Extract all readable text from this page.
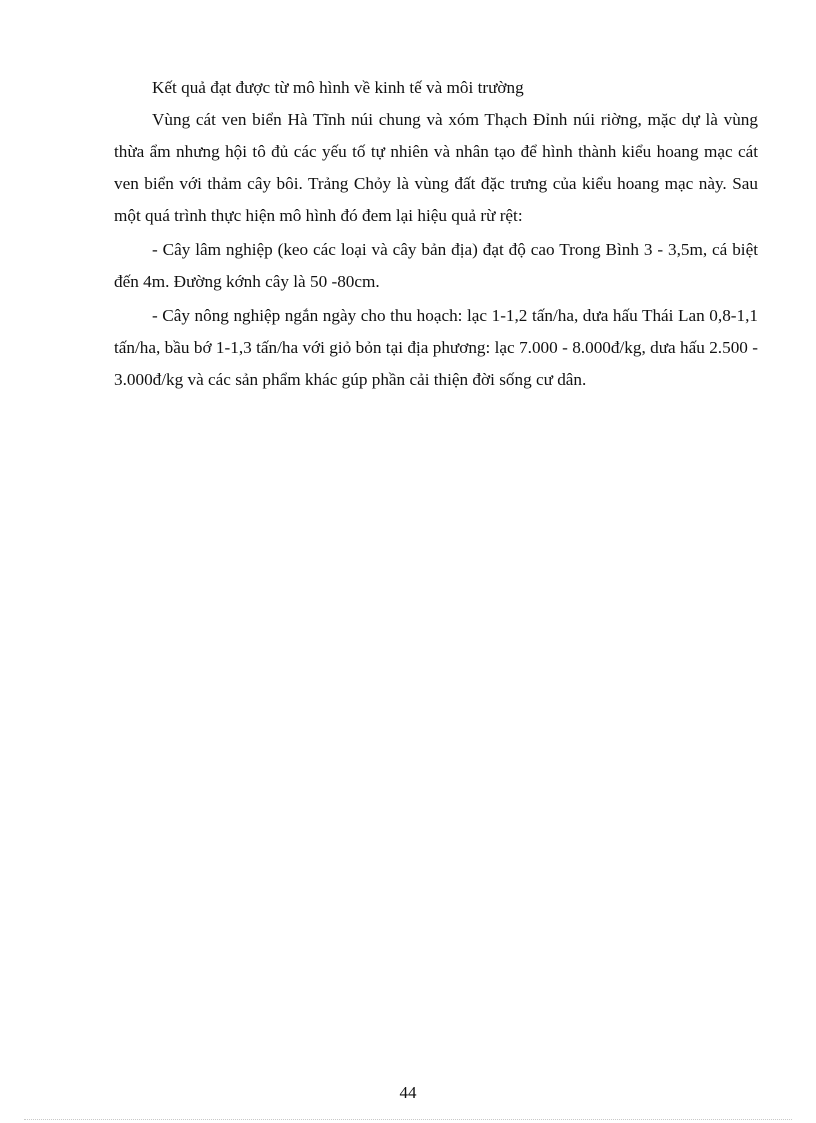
Kết quả đạt được từ mô hình về kinh tế và môi trường

Vùng cát ven biển Hà Tĩnh núi chung và xóm Thạch Đỉnh núi riờng, mặc dự là vùng thừa ẩm nhưng hội tô đủ các yếu tố tự nhiên và nhân tạo để hình thành kiểu hoang mạc cát ven biển với thảm cây bôi. Trảng Chỏy là vùng đất đặc trưng của kiểu hoang mạc này. Sau một quá trình thực hiện mô hình đó đem lại hiệu quả rừ rệt:

- Cây lâm nghiệp (keo các loại và cây bản địa) đạt độ cao Trong Bình 3 - 3,5m, cá biệt đến 4m. Đường kớnh cây là 50 -80cm.

- Cây nông nghiệp ngắn ngày cho thu hoạch: lạc 1-1,2 tấn/ha, dưa hấu Thái Lan 0,8-1,1 tấn/ha, bầu bớ 1-1,3 tấn/ha với giỏ bỏn tại địa phương: lạc 7.000 - 8.000đ/kg, dưa hấu 2.500 - 3.000đ/kg và các sản phẩm khác gúp phần cải thiện đời sống cư dân.

44
